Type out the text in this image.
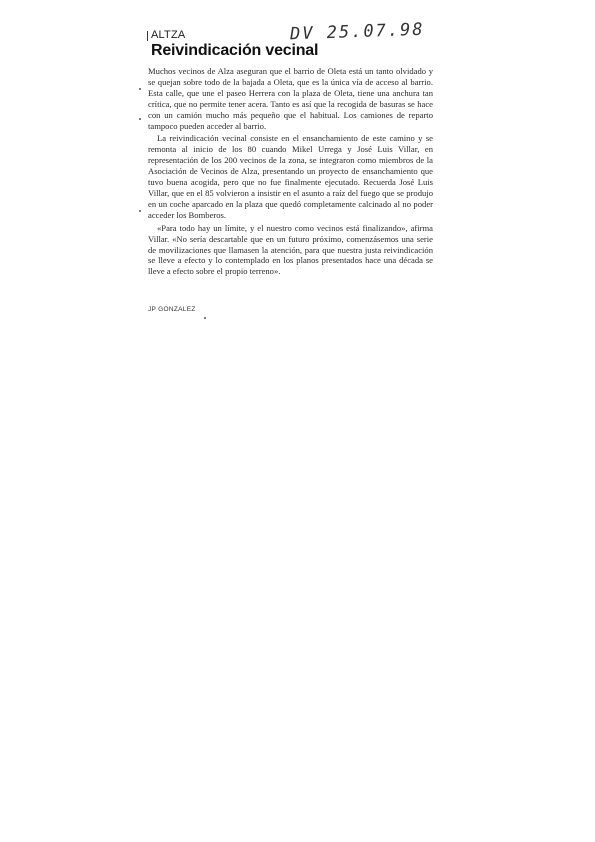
ALTZA	DV 25.07.98
Reivindicación vecinal

Muchos vecinos de Alza aseguran que el barrio de Oleta está un tanto olvidado y se quejan sobre todo de la bajada a Oleta, que es la única vía de acceso al barrio. Esta calle, que une el paseo Herrera con la plaza de Oleta, tiene una anchura tan crítica, que no permite tener acera. Tanto es así que la recogida de basuras se hace con un camión mucho más pequeño que el habitual. Los camiones de reparto tampoco pueden acceder al barrio.

La reivindicación vecinal consiste en el ensanchamiento de este camino y se remonta al inicio de los 80 cuando Mikel Urrega y José Luis Villar, en representación de los 200 vecinos de la zona, se integraron como miembros de la Asociación de Vecinos de Alza, presentando un proyecto de ensanchamiento que tuvo buena acogida, pero que no fue finalmente ejecutado. Recuerda José Luis Villar, que en el 85 volvieron a insistir en el asunto a raíz del fuego que se produjo en un coche aparcado en la plaza que quedó completamente calcinado al no poder acceder los Bomberos.

«Para todo hay un límite, y el nuestro como vecinos está finalizando», afirma Villar. «No sería descartable que en un futuro próximo, comenzásemos una serie de movilizaciones que llamasen la atención, para que nuestra justa reivindicación se lleve a efecto y lo contemplado en los planos presentados hace una década se lleve a efecto sobre el propio terreno».

JP GONZALEZ
